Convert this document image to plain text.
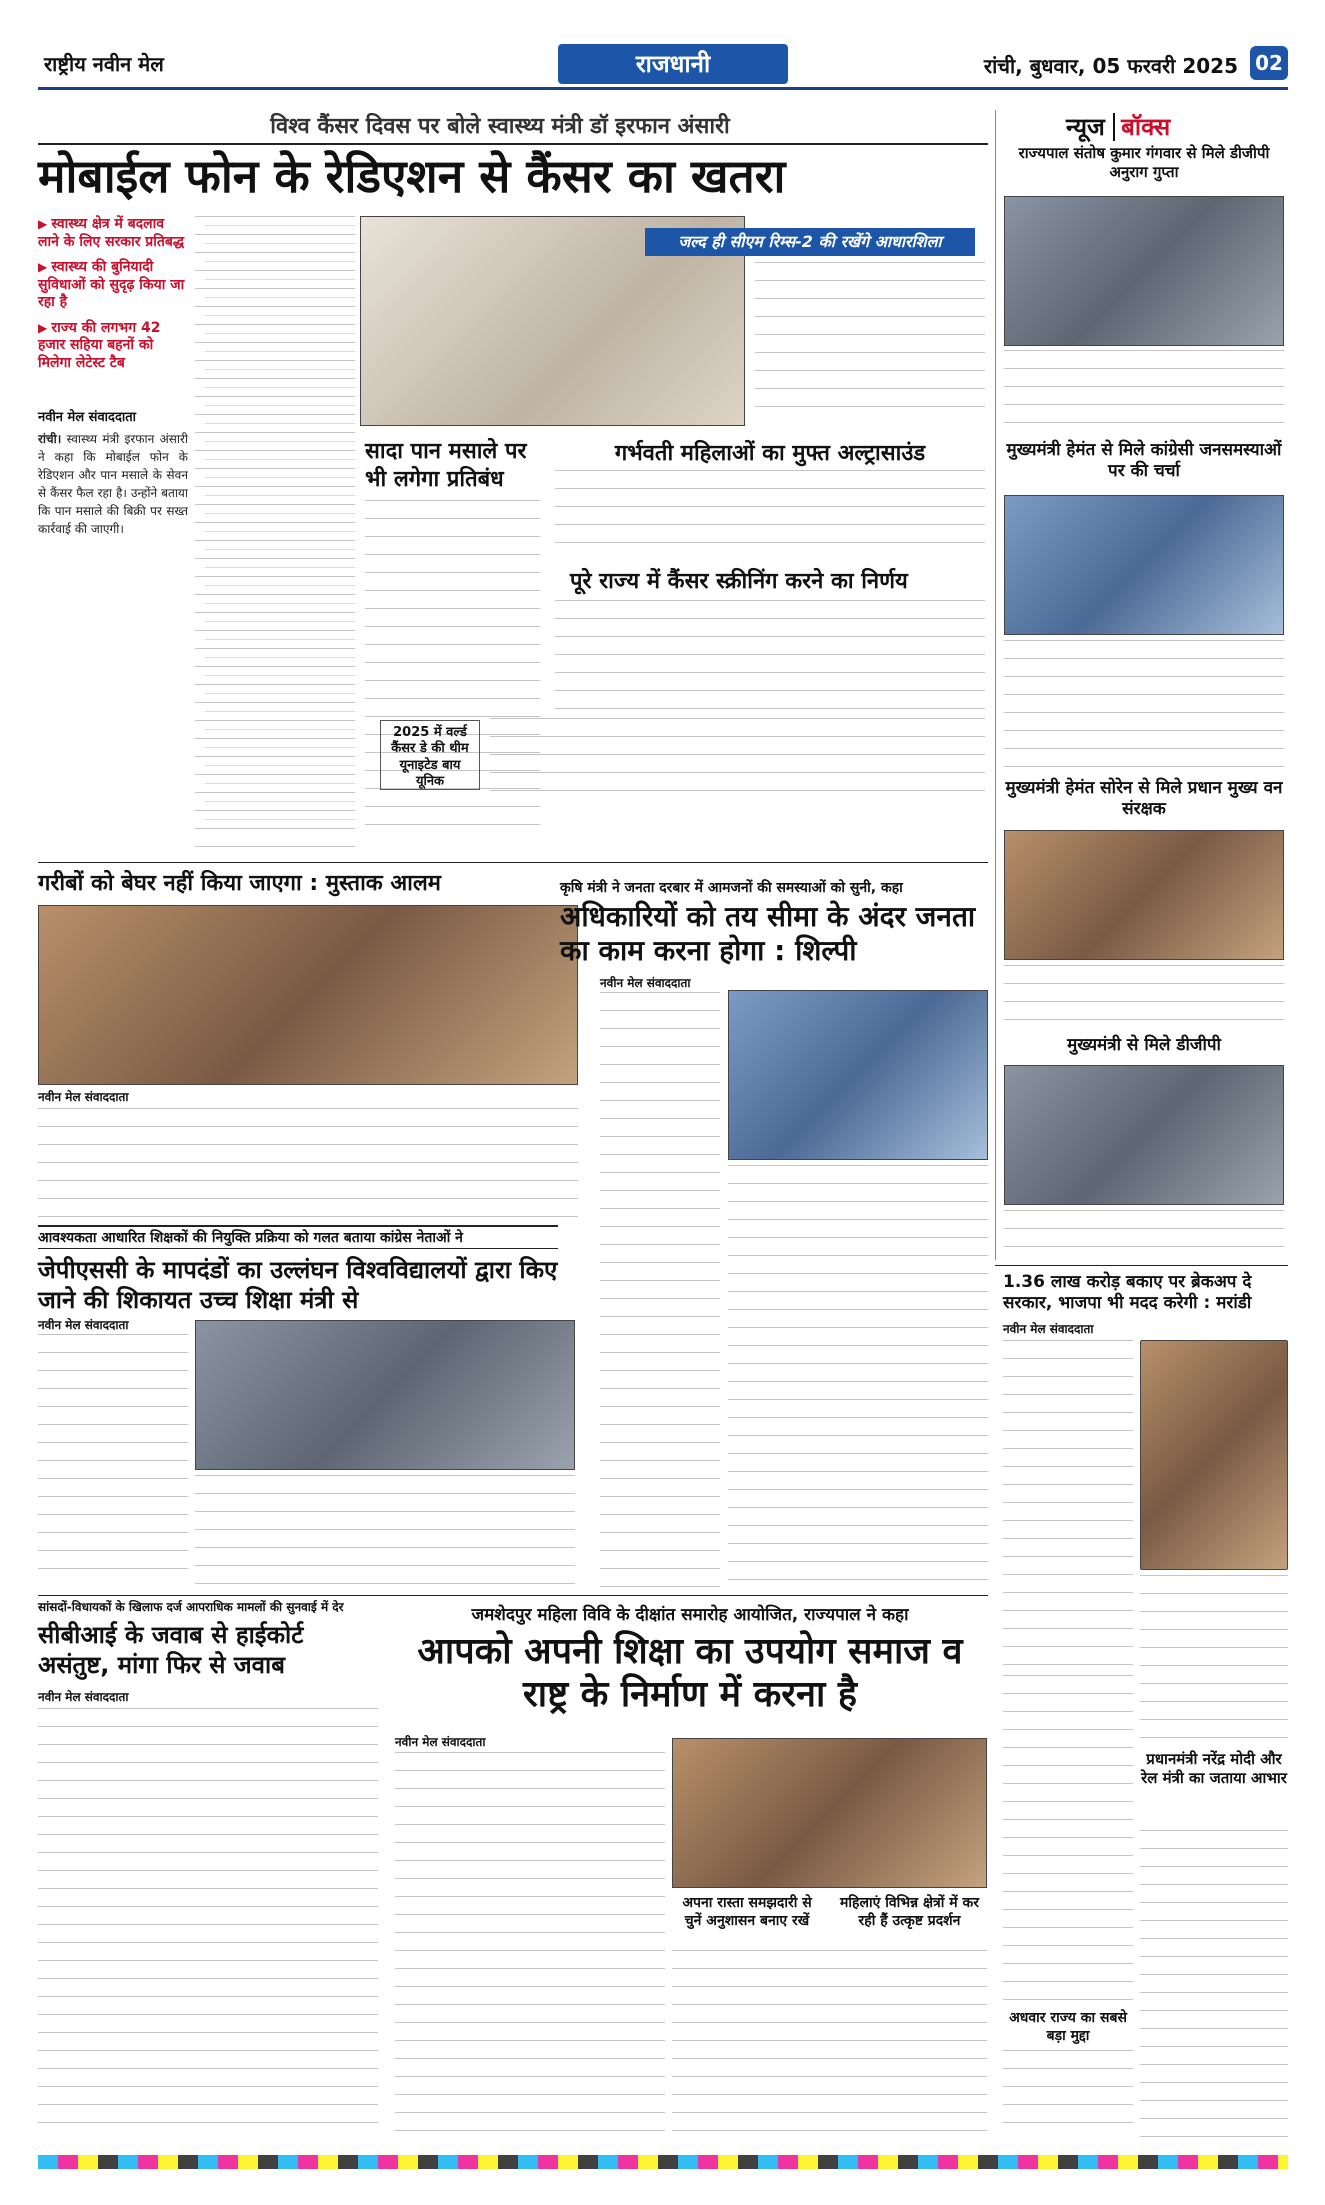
राष्ट्रीय नवीन मेल	राजधानी	रांची, बुधवार, 05 फरवरी 2025 02
विश्व कैंसर दिवस पर बोले स्वास्थ्य मंत्री डॉ इरफान अंसारी
मोबाईल फोन के रेडिएशन से कैंसर का खतरा
▶ स्वास्थ्य क्षेत्र में बदलाव लाने के लिए सरकार प्रतिबद्ध
▶ स्वास्थ्य की बुनियादी सुविधाओं को सुदृढ़ किया जा रहा है
▶ राज्य की लगभग 42 हजार सहिया बहनों को मिलेगा लेटेस्ट टैब
नवीन मेल संवाददाता
रांची। स्वास्थ्य मंत्री इरफान अंसारी ने कहा कि मोबाईल फोन के रेडिएशन और पान मसाले के सेवन से कैंसर फैल रहा है। उन्होंने बताया कि पान मसाले की बिक्री पर सख्त कार्रवाई की जाएगी।
जल्द ही सीएम रिम्स-2 की रखेंगे आधारशिला
सादा पान मसाले पर भी लगेगा प्रतिबंध
गर्भवती महिलाओं का मुफ्त अल्ट्रासाउंड
पूरे राज्य में कैंसर स्क्रीनिंग करने का निर्णय
2025 में वर्ल्ड कैंसर डे की थीम यूनाइटेड बाय यूनिक
गरीबों को बेघर नहीं किया जाएगा : मुस्ताक आलम
नवीन मेल संवाददाता
कृषि मंत्री ने जनता दरबार में आमजनों की समस्याओं को सुनी, कहा
अधिकारियों को तय सीमा के अंदर जनता का काम करना होगा : शिल्पी
नवीन मेल संवाददाता
आवश्यकता आधारित शिक्षकों की नियुक्ति प्रक्रिया को गलत बताया कांग्रेस नेताओं ने
जेपीएससी के मापदंडों का उल्लंघन विश्वविद्यालयों द्वारा किए जाने की शिकायत उच्च शिक्षा मंत्री से
नवीन मेल संवाददाता
सांसदों-विधायकों के खिलाफ दर्ज आपराधिक मामलों की सुनवाई में देर
सीबीआई के जवाब से हाईकोर्ट असंतुष्ट, मांगा फिर से जवाब
नवीन मेल संवाददाता
जमशेदपुर महिला विवि के दीक्षांत समारोह आयोजित, राज्यपाल ने कहा
आपको अपनी शिक्षा का उपयोग समाज व राष्ट्र के निर्माण में करना है
नवीन मेल संवाददाता
अपना रास्ता समझदारी से चुनें अनुशासन बनाए रखें
महिलाएं विभिन्न क्षेत्रों में कर रही हैं उत्कृष्ट प्रदर्शन
न्यूज बॉक्स
राज्यपाल संतोष कुमार गंगवार से मिले डीजीपी अनुराग गुप्ता
मुख्यमंत्री हेमंत से मिले कांग्रेसी जनसमस्याओं पर की चर्चा
मुख्यमंत्री हेमंत सोरेन से मिले प्रधान मुख्य वन संरक्षक
मुख्यमंत्री से मिले डीजीपी
1.36 लाख करोड़ बकाए पर ब्रेकअप दे सरकार, भाजपा भी मदद करेगी : मरांडी
नवीन मेल संवाददाता
प्रधानमंत्री नरेंद्र मोदी और रेल मंत्री का जताया आभार
अधवार राज्य का सबसे बड़ा मुद्दा
